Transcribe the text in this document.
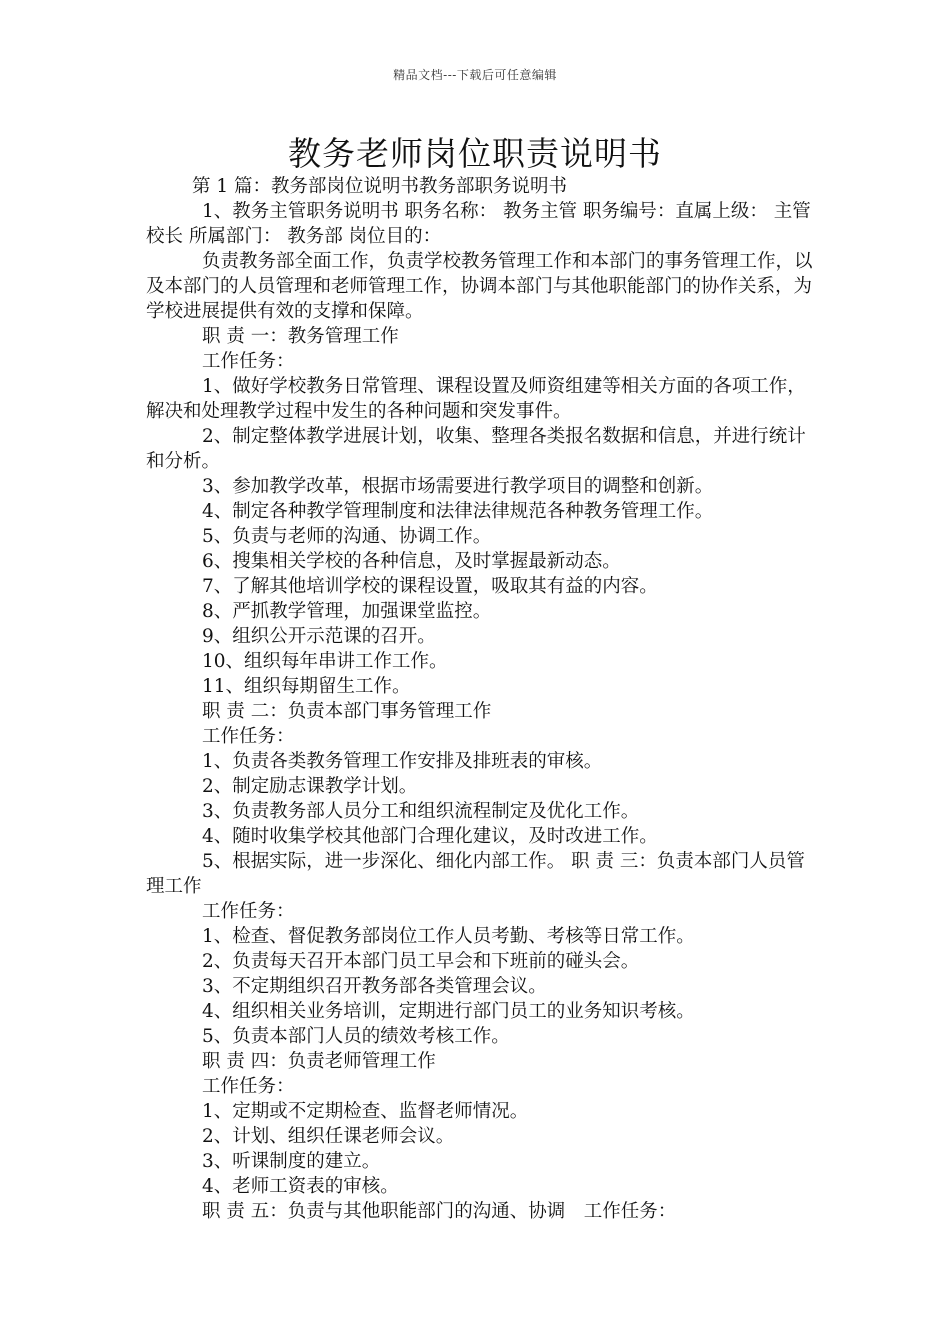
精品文档---下载后可任意编辑
教务老师岗位职责说明书

第 1 篇：教务部岗位说明书教务部职务说明书

1、教务主管职务说明书 职务名称： 教务主管 职务编号：直属上级： 主管校长 所属部门： 教务部 岗位目的：

负责教务部全面工作，负责学校教务管理工作和本部门的事务管理工作，以及本部门的人员管理和老师管理工作，协调本部门与其他职能部门的协作关系，为学校进展提供有效的支撑和保障。

职 责 一：教务管理工作

工作任务：

1、做好学校教务日常管理、课程设置及师资组建等相关方面的各项工作，解决和处理教学过程中发生的各种问题和突发事件。

2、制定整体教学进展计划，收集、整理各类报名数据和信息，并进行统计和分析。

3、参加教学改革，根据市场需要进行教学项目的调整和创新。

4、制定各种教学管理制度和法律法律规范各种教务管理工作。

5、负责与老师的沟通、协调工作。

6、搜集相关学校的各种信息，及时掌握最新动态。

7、了解其他培训学校的课程设置，吸取其有益的内容。

8、严抓教学管理，加强课堂监控。

9、组织公开示范课的召开。

10、组织每年串讲工作工作。

11、组织每期留生工作。

职 责 二：负责本部门事务管理工作

工作任务：

1、负责各类教务管理工作安排及排班表的审核。

2、制定励志课教学计划。

3、负责教务部人员分工和组织流程制定及优化工作。

4、随时收集学校其他部门合理化建议，及时改进工作。

5、根据实际，进一步深化、细化内部工作。 职 责 三：负责本部门人员管理工作

工作任务：

1、检查、督促教务部岗位工作人员考勤、考核等日常工作。

2、负责每天召开本部门员工早会和下班前的碰头会。

3、不定期组织召开教务部各类管理会议。

4、组织相关业务培训，定期进行部门员工的业务知识考核。

5、负责本部门人员的绩效考核工作。

职 责 四：负责老师管理工作

工作任务：

1、定期或不定期检查、监督老师情况。

2、计划、组织任课老师会议。

3、听课制度的建立。

4、老师工资表的审核。

职 责 五：负责与其他职能部门的沟通、协调　工作任务：
